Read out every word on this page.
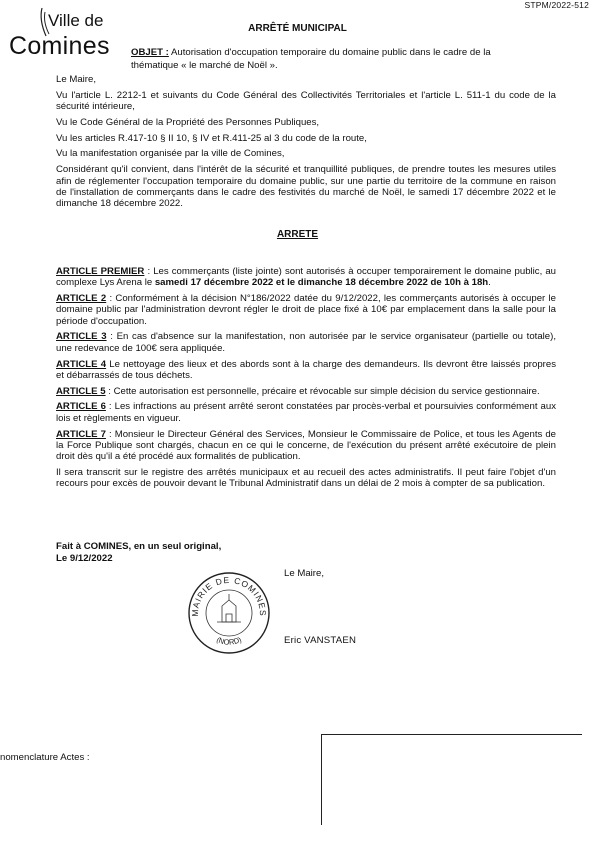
STPM/2022-512
Ville de
Comines
ARRÊTÉ MUNICIPAL
OBJET : Autorisation d'occupation temporaire du domaine public dans le cadre de la thématique « le marché de Noël ».

Le Maire,

Vu l'article L. 2212-1 et suivants du Code Général des Collectivités Territoriales et l'article L. 511-1 du code de la sécurité intérieure,

Vu le Code Général de la Propriété des Personnes Publiques,

Vu les articles R.417-10 § II 10, § IV et R.411-25 al 3 du code de la route,

Vu la manifestation organisée par la ville de Comines,

Considérant qu'il convient, dans l'intérêt de la sécurité et tranquillité publiques, de prendre toutes les mesures utiles afin de réglementer l'occupation temporaire du domaine public, sur une partie du territoire de la commune en raison de l'installation de commerçants dans le cadre des festivités du marché de Noël, le samedi 17 décembre 2022 et le dimanche 18 décembre 2022.

ARRETE

ARTICLE PREMIER : Les commerçants (liste jointe) sont autorisés à occuper temporairement le domaine public, au complexe Lys Arena le samedi 17 décembre 2022 et le dimanche 18 décembre 2022 de 10h à 18h.

ARTICLE 2 : Conformément à la décision N°186/2022 datée du 9/12/2022, les commerçants autorisés à occuper le domaine public par l'administration devront régler le droit de place fixé à 10€ par emplacement dans la salle pour la période d'occupation.

ARTICLE 3 : En cas d'absence sur la manifestation, non autorisée par le service organisateur (partielle ou totale), une redevance de 100€ sera appliquée.

ARTICLE 4 Le nettoyage des lieux et des abords sont à la charge des demandeurs. Ils devront être laissés propres et débarrassés de tous déchets.

ARTICLE 5 : Cette autorisation est personnelle, précaire et révocable sur simple décision du service gestionnaire.

ARTICLE 6 : Les infractions au présent arrêté seront constatées par procès-verbal et poursuivies conformément aux lois et règlements en vigueur.

ARTICLE 7 : Monsieur le Directeur Général des Services, Monsieur le Commissaire de Police, et tous les Agents de la Force Publique sont chargés, chacun en ce qui le concerne, de l'exécution du présent arrêté exécutoire de plein droit dès qu'il a été procédé aux formalités de publication.

Il sera transcrit sur le registre des arrêtés municipaux et au recueil des actes administratifs. Il peut faire l'objet d'un recours pour excès de pouvoir devant le Tribunal Administratif dans un délai de 2 mois à compter de sa publication.

Fait à COMINES, en un seul original,
Le 9/12/2022
Le Maire,
MAIRIE DE COMINES
(NORD)	Eric VANSTAEN
nomenclature Actes :
